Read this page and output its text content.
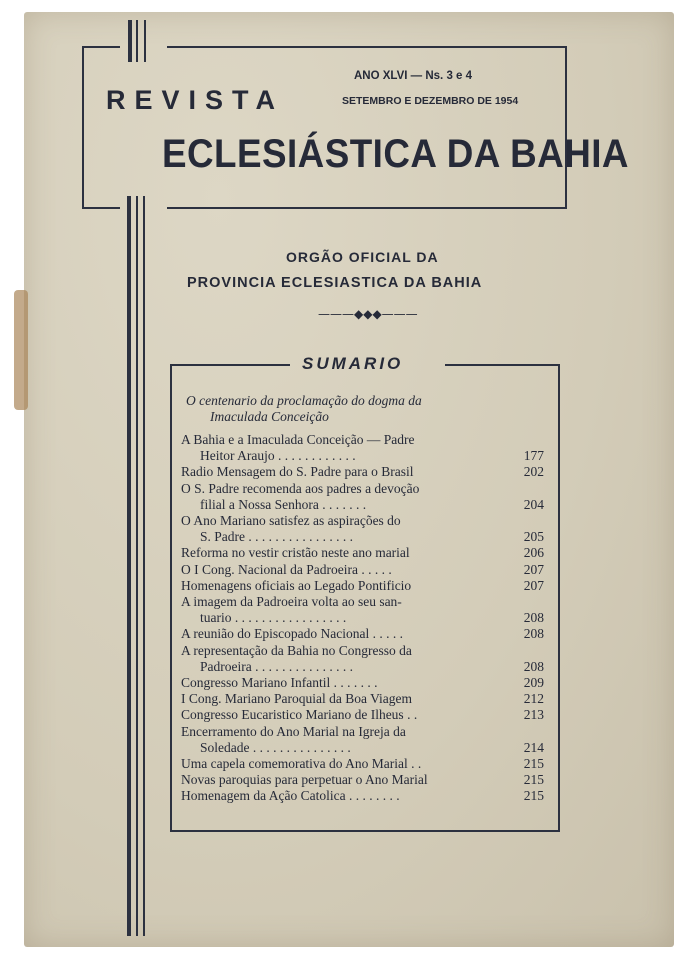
REVISTA
ECLESIÁSTICA DA BAHIA
ANO XLVI — Ns. 3 e 4
SETEMBRO E DEZEMBRO DE 1954
ORGÃO OFICIAL DA
PROVINCIA ECLESIASTICA DA BAHIA
———◆◆◆———
SUMARIO
O centenario da proclamação do dogma da
Imaculada Conceição
A Bahia e a Imaculada Conceição — Padre
Heitor Araujo . . . . . . . . . . . .	177
Radio Mensagem do S. Padre para o Brasil	202
O S. Padre recomenda aos padres a devoção
filial a Nossa Senhora . . . . . . .	204
O Ano Mariano satisfez as aspirações do
S. Padre . . . . . . . . . . . . . . . .	205
Reforma no vestir cristão neste ano marial	206
O I Cong. Nacional da Padroeira . . . . .	207
Homenagens oficiais ao Legado Pontificio	207
A imagem da Padroeira volta ao seu san-
tuario . . . . . . . . . . . . . . . . .	208
A reunião do Episcopado Nacional . . . . .	208
A representação da Bahia no Congresso da
Padroeira . . . . . . . . . . . . . . .	208
Congresso Mariano Infantil . . . . . . .	209
I Cong. Mariano Paroquial da Boa Viagem	212
Congresso Eucaristico Mariano de Ilheus . .	213
Encerramento do Ano Marial na Igreja da
Soledade . . . . . . . . . . . . . . .	214
Uma capela comemorativa do Ano Marial . .	215
Novas paroquias para perpetuar o Ano Marial	215
Homenagem da Ação Catolica . . . . . . . .	215
